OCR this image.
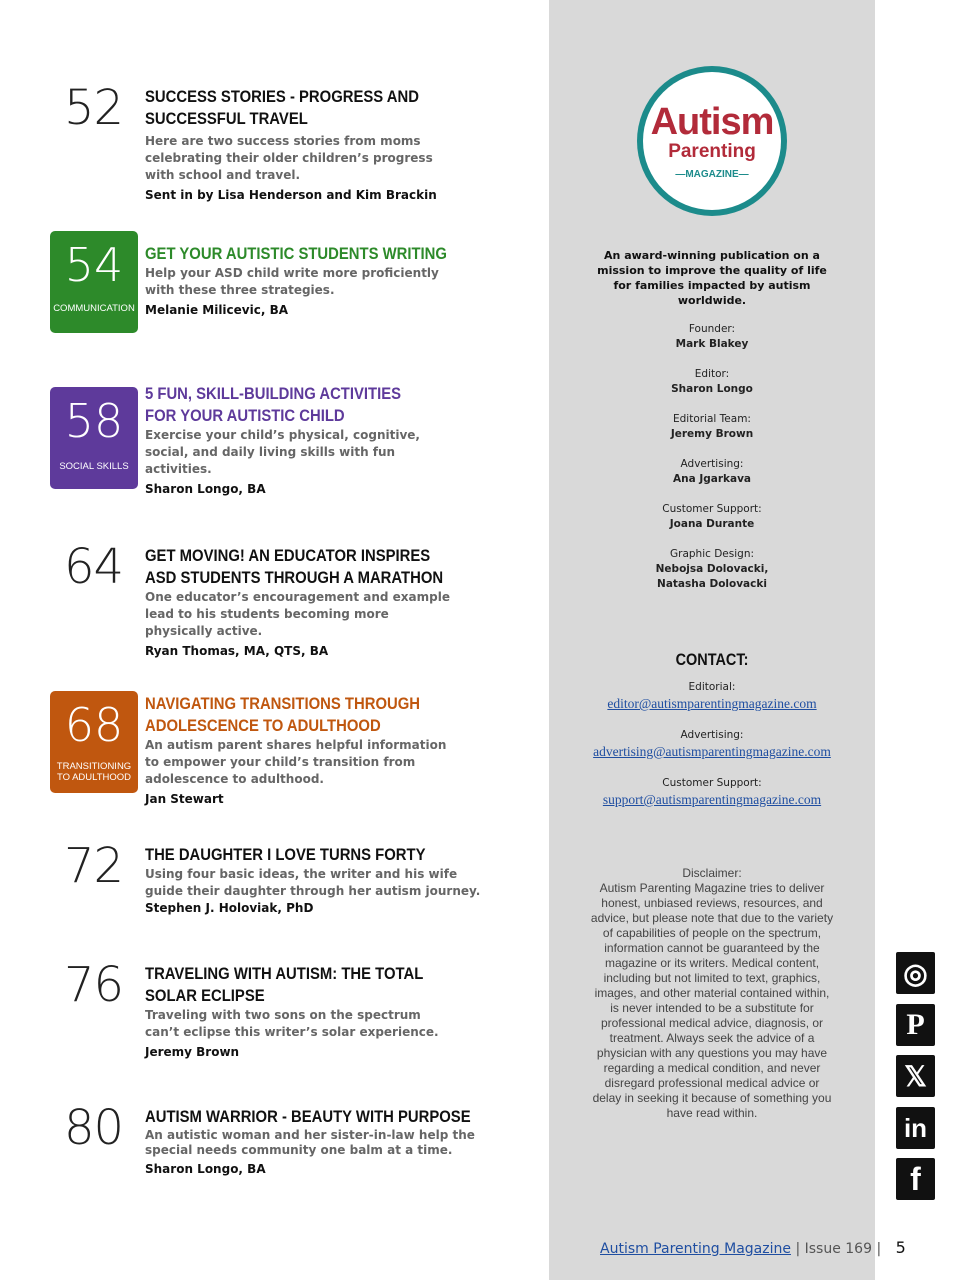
52 SUCCESS STORIES - PROGRESS AND SUCCESSFUL TRAVEL

Here are two success stories from moms celebrating their older children’s progress with school and travel.

Sent in by Lisa Henderson and Kim Brackin

54
COMMUNICATION

GET YOUR AUTISTIC STUDENTS WRITING

Help your ASD child write more proficiently with these three strategies.

Melanie Milicevic, BA

58
SOCIAL SKILLS

5 FUN, SKILL-BUILDING ACTIVITIES FOR YOUR AUTISTIC CHILD

Exercise your child’s physical, cognitive, social, and daily living skills with fun activities.

Sharon Longo, BA

64 GET MOVING! AN EDUCATOR INSPIRES ASD STUDENTS THROUGH A MARATHON

One educator’s encouragement and example lead to his students becoming more physically active.

Ryan Thomas, MA, QTS, BA

68
TRANSITIONING TO ADULTHOOD

NAVIGATING TRANSITIONS THROUGH ADOLESCENCE TO ADULTHOOD

An autism parent shares helpful information to empower your child’s transition from adolescence to adulthood.

Jan Stewart

72 THE DAUGHTER I LOVE TURNS FORTY

Using four basic ideas, the writer and his wife guide their daughter through her autism journey.

Stephen J. Holoviak, PhD

76 TRAVELING WITH AUTISM: THE TOTAL SOLAR ECLIPSE

Traveling with two sons on the spectrum can’t eclipse this writer’s solar experience.

Jeremy Brown

80 AUTISM WARRIOR - BEAUTY WITH PURPOSE

An autistic woman and her sister-in-law help the special needs community one balm at a time.

Sharon Longo, BA

Autism
Parenting
—MAGAZINE—
An award-winning publication on a mission to improve the quality of life for families impacted by autism worldwide.
Founder:
Mark Blakey
Editor:
Sharon Longo
Editorial Team:
Jeremy Brown
Advertising:
Ana Jgarkava
Customer Support:
Joana Durante
Graphic Design:
Nebojsa Dolovacki,
Natasha Dolovacki
CONTACT:
Editorial:
editor@autismparentingmagazine.com
Advertising:
advertising@autismparentingmagazine.com
Customer Support:
support@autismparentingmagazine.com
Disclaimer:
Autism Parenting Magazine tries to deliver honest, unbiased reviews, resources, and advice, but please note that due to the variety of capabilities of people on the spectrum, information cannot be guaranteed by the magazine or its writers. Medical content, including but not limited to text, graphics, images, and other material contained within, is never intended to be a substitute for professional medical advice, diagnosis, or treatment. Always seek the advice of a physician with any questions you may have regarding a medical condition, and never disregard professional medical advice or delay in seeking it because of something you have read within.
◎
P
𝕏
in
f
Autism Parenting Magazine | Issue 169 | 5
